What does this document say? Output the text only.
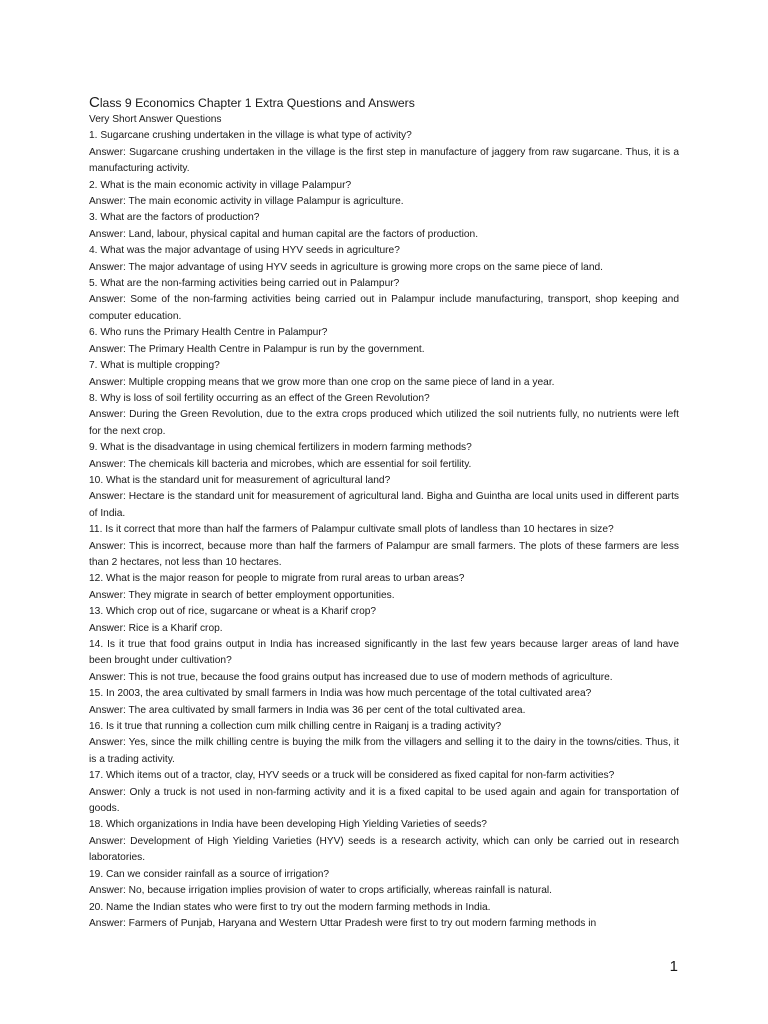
Class 9 Economics Chapter 1 Extra Questions and Answers

Very Short Answer Questions

1. Sugarcane crushing undertaken in the village is what type of activity?

Answer: Sugarcane crushing undertaken in the village is the first step in manufacture of jaggery from raw sugarcane. Thus, it is a manufacturing activity.

2. What is the main economic activity in village Palampur?

Answer: The main economic activity in village Palampur is agriculture.

3. What are the factors of production?

Answer: Land, labour, physical capital and human capital are the factors of production.

4. What was the major advantage of using HYV seeds in agriculture?

Answer: The major advantage of using HYV seeds in agriculture is growing more crops on the same piece of land.

5. What are the non-farming activities being carried out in Palampur?

Answer: Some of the non-farming activities being carried out in Palampur include manufacturing, transport, shop keeping and computer education.

6. Who runs the Primary Health Centre in Palampur?

Answer: The Primary Health Centre in Palampur is run by the government.

7. What is multiple cropping?

Answer: Multiple cropping means that we grow more than one crop on the same piece of land in a year.

8. Why is loss of soil fertility occurring as an effect of the Green Revolution?

Answer: During the Green Revolution, due to the extra crops produced which utilized the soil nutrients fully, no nutrients were left for the next crop.

9. What is the disadvantage in using chemical fertilizers in modern farming methods?

Answer: The chemicals kill bacteria and microbes, which are essential for soil fertility.

10. What is the standard unit for measurement of agricultural land?

Answer: Hectare is the standard unit for measurement of agricultural land. Bigha and Guintha are local units used in different parts of India.

11. Is it correct that more than half the farmers of Palampur cultivate small plots of landless than 10 hectares in size?

Answer: This is incorrect, because more than half the farmers of Palampur are small farmers. The plots of these farmers are less than 2 hectares, not less than 10 hectares.

12. What is the major reason for people to migrate from rural areas to urban areas?

Answer: They migrate in search of better employment opportunities.

13. Which crop out of rice, sugarcane or wheat is a Kharif crop?

Answer: Rice is a Kharif crop.

14. Is it true that food grains output in India has increased significantly in the last few years because larger areas of land have been brought under cultivation?

Answer: This is not true, because the food grains output has increased due to use of modern methods of agriculture.

15. In 2003, the area cultivated by small farmers in India was how much percentage of the total cultivated area?

Answer: The area cultivated by small farmers in India was 36 per cent of the total cultivated area.

16. Is it true that running a collection cum milk chilling centre in Raiganj is a trading activity?

Answer: Yes, since the milk chilling centre is buying the milk from the villagers and selling it to the dairy in the towns/cities. Thus, it is a trading activity.

17. Which items out of a tractor, clay, HYV seeds or a truck will be considered as fixed capital for non-farm activities?

Answer: Only a truck is not used in non-farming activity and it is a fixed capital to be used again and again for transportation of goods.

18. Which organizations in India have been developing High Yielding Varieties of seeds?

Answer: Development of High Yielding Varieties (HYV) seeds is a research activity, which can only be carried out in research laboratories.

19. Can we consider rainfall as a source of irrigation?

Answer: No, because irrigation implies provision of water to crops artificially, whereas rainfall is natural.

20. Name the Indian states who were first to try out the modern farming methods in India.

Answer: Farmers of Punjab, Haryana and Western Uttar Pradesh were first to try out modern farming methods in

1
